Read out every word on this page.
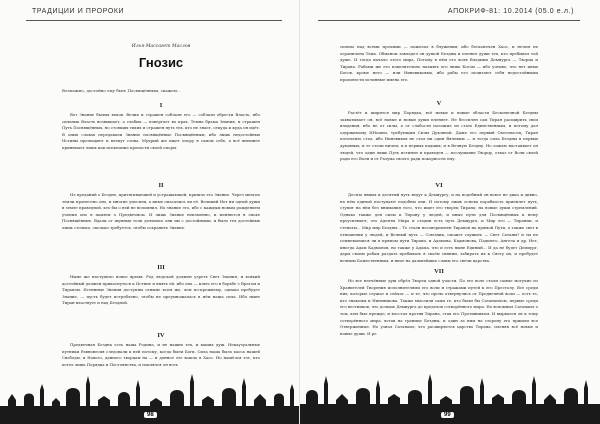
ТРАДИЦИИ И ПРОРОКИ
Илья-Массагет Маслов
Гнозис
Возможно, достойно ему быть Посвящённым, скажем…
I

Вот Знание былых веков. Велик и страшен соблазн его — соблазн обрести Власть, ибо сильных Власть возвышает, а слабых — повергает во прах. Темна брама Знания, и страшен Путь Посвящённых, но стоящих тихих и страшен путь тех, кто не знает, откуда и куда он идёт. В оных словах передавали Знание посвящённые Посвящённым, ибо лишь недостойных Истины прельщают и влекут слова. Мудрый же ищет опору в самом себе, а всё внешнее принимает лишь как испытание крепости своей опоры.

II

Из преданий о Бездне, притягивающей и устрашающей, пришло это Знание. Через многие земли пронесено оно, и многие уносили, а иные опасались ли её. Великий Нет ни одной души в земле праведной, кто бы о ней не вспомнил. Но знание это, ибо с каждым новым рождением учения оно в памяти о Предвечном. И лишь Знание неизменно, и меняются в эпохе Посвящённые. Вдали от шумных толп делились они им с достойными, и было тех достойных лишь столько, сколько требуется, чтобы сохранить Знание.

III

Ныне же наступило новое время. Род людской должен узреть Свет Знания, и всякий достойный должен прикоснуться к Истине и внять ей, ибо она — ключ его в борьбе с Врагом и Тираном. Истинные Знания доступны отныне всем же, чем по-прежнему, однако пребудет Знание, — пусть будет истреблено, чтобы не преумножалась в нём наша сила. Ибо ныне Тиран властвует и над Бездной.

IV

Предвечная Бездна есть наша Родина, и не наших тех, и ваших душ. Некаузуальные путники Равновесия следовали к ней потому, когда были Боги. Сила наша было хаоса нашей Свободы, и Нового, данного творцам на — и данное это вошло в Хаос. Но нашёлся тот, кто хотел лишь Порядка и Постоянства, и поклялся он всеь

98
АПОКРИФ-81: 10.2014 (05.0 е.л.)

сильно над всеми прочими — пожелал в блужении, ибо бесконечен Хаос, и нечем не ограничена Тьма. Обманом завладел он душой Бездны и пленил души тех, кто пребывал той душе. И тогда начало этого мира. Потому в нём его воля Владыки Демиурга — Творца и Тирана. Рабами же его повелительно назывть его лишь Богом — ибо учтиво, что нет иных Богов, кроме него — или Ниневиковых, ибо рабы его почитают себя недостойными произнести истинные имена его.

V

Растёт и ширится мир Порядка, всё новые и новые области Бесконечной Бездны захватывает он, всё новые и новые души пленяет. Не бессилен сам Тиран расщирить свои владения, ибо не от силы, а от слабости положил он стать Единственным, и потому дал одержимому ИНошеи, требующим Силы Духовной. Даже его первый Светоносец, Тиран потеплить стал, ибо Ниневиков не стал ни один Вялевым — и тогда сила Бездны в первых духовных, и те стали ничем, и в первых падших, и в Вечную Бездну. Но ложью настаивает он людей, что один лишь Путь истинен и праведен — послушание Творцу, отказ от Воли своей ради его Воли и от Разума своего ради покорности ему.

VI

Десять явных и десятый путь ведут к Демиургу, и на подобный он вовсе не дико и дивно, на нём единой поступают подобны они. И потому лишь основа порабкость приемлет путь, ступит на нём без внимания того, что ищет его творец Тирана; на новые души стремлений. Однако также для силы к Тирану у людей, и иные пути для Посвящённых к нему преуспевают, это Адепты Мира и стадии есть путь Демиурга, и Мир его — Тирании, и стенаты... Мир мир Бездны... То стали несовершенен Тиранов на прямой Пути, а также свет в отношении у людей, и Вечный путь — Союзник, сможет служить — Свет Сатаны? и ты не сомневаешься ли в прямом пути Тирана, и Адамова, Кадмонова, Падшего, Ангела и др. Нет, иногда Адам Кадмонов, но также у Адама, что и есть ныне Единый... И да не будет Демиург, дары своим рабам раздать пребывать в своём сиянии, забирать их к Свету их, и пребудет вечным Божественным, и иное на дальнейшие славы его свечи царства.

VII

Но все влечённые душ обрёл Творец одной участи. По его воле стали самые могучие из Хранителей Творения исполнителями его воли и стражами путей к его Престолу. Все среди них, которые служат и сейчас — и те, что прочь отвернулись от Предвечной воли — есть те, кто знакомы и Ниневикова. Также мыслили сами те, кто были бы Сатанаилом, первые среди его вестников, что дольше Демиурга до пределов сотворённого мира. Но вспомнил Сатанаил о том, кем был прежде, и восстал против Тирана, став его Противником. И вырвался он к тому сотворённого мира, встав на границе Бездны, и один за ним на сторону его пришли все Отверженные. Но узнал Сатанаил, что расширяется царство Тирана, пленяя всё новые и новые души. И ре

99
